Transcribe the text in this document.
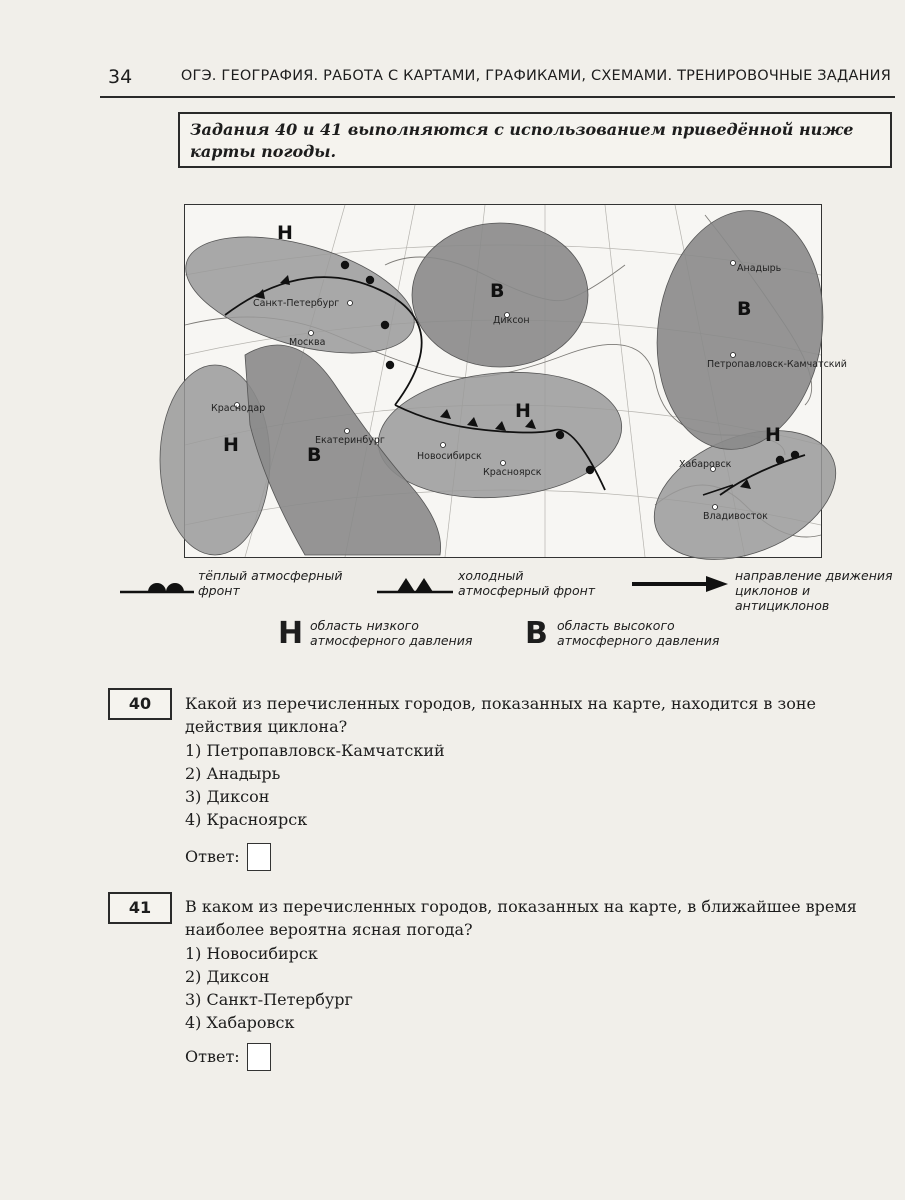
34	ОГЭ. ГЕОГРАФИЯ. РАБОТА С КАРТАМИ, ГРАФИКАМИ, СХЕМАМИ. ТРЕНИРОВОЧНЫЕ ЗАДАНИЯ

Задания 40 и 41 выполняются с использованием приведённой ниже карты погоды.

Н
Н
Н
Н
В
В
В
Санкт-Петербург
Москва
Краснодар
Екатеринбург
Новосибирск
Красноярск
Диксон
Анадырь
Петропавловск-Камчатский
Хабаровск
Владивосток
тёплый атмосферный фронт
холодный атмосферный фронт
направление движения циклонов и антициклонов
Н область низкого атмосферного давления	В область высокого атмосферного давления
40	Какой из перечисленных городов, показанных на карте, находится в зоне действия циклона?
1) Петропавловск-Камчатский
2) Анадырь
3) Диксон
4) Красноярск
Ответ:
41	В каком из перечисленных городов, показанных на карте, в ближайшее время наиболее вероятна ясная погода?
1) Новосибирск
2) Диксон
3) Санкт-Петербург
4) Хабаровск
Ответ:
